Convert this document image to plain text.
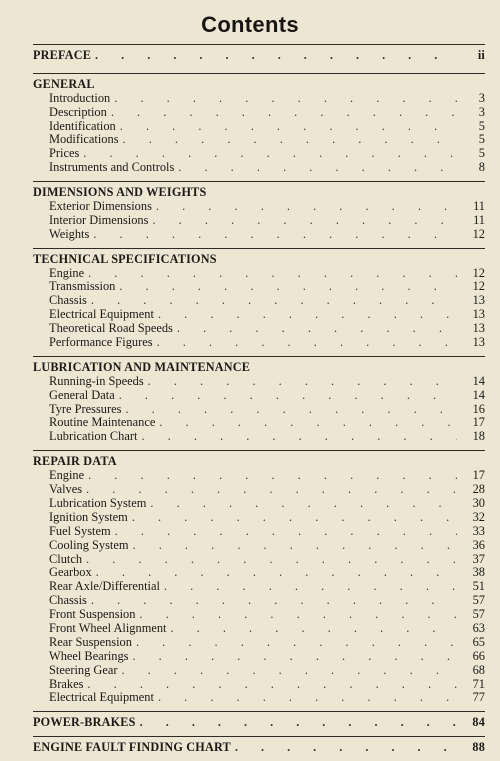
Contents
PREFACE . . .	ii
GENERAL
Introduction . . .	3
Description . . .	3
Identification . . .	5
Modifications . . .	5
Prices . . .	5
Instruments and Controls . . .	8
DIMENSIONS AND WEIGHTS
Exterior Dimensions . . .	11
Interior Dimensions . . .	11
Weights . . .	12
TECHNICAL SPECIFICATIONS
Engine . . .	12
Transmission . . .	12
Chassis . . .	13
Electrical Equipment . . .	13
Theoretical Road Speeds . . .	13
Performance Figures . . .	13
LUBRICATION AND MAINTENANCE
Running-in Speeds . . .	14
General Data . . .	14
Tyre Pressures . . .	16
Routine Maintenance . . .	17
Lubrication Chart . . .	18
REPAIR DATA
Engine . . .	17
Valves . . .	28
Lubrication System . . .	30
Ignition System . . .	32
Fuel System . . .	33
Cooling System . . .	36
Clutch . . .	37
Gearbox . . .	38
Rear Axle/Differential . . .	51
Chassis . . .	57
Front Suspension . . .	57
Front Wheel Alignment . . .	63
Rear Suspension . . .	65
Wheel Bearings . . .	66
Steering Gear . . .	68
Brakes . . .	71
Electrical Equipment . . .	77
POWER-BRAKES . . .	84
ENGINE FAULT FINDING CHART . . .	88
